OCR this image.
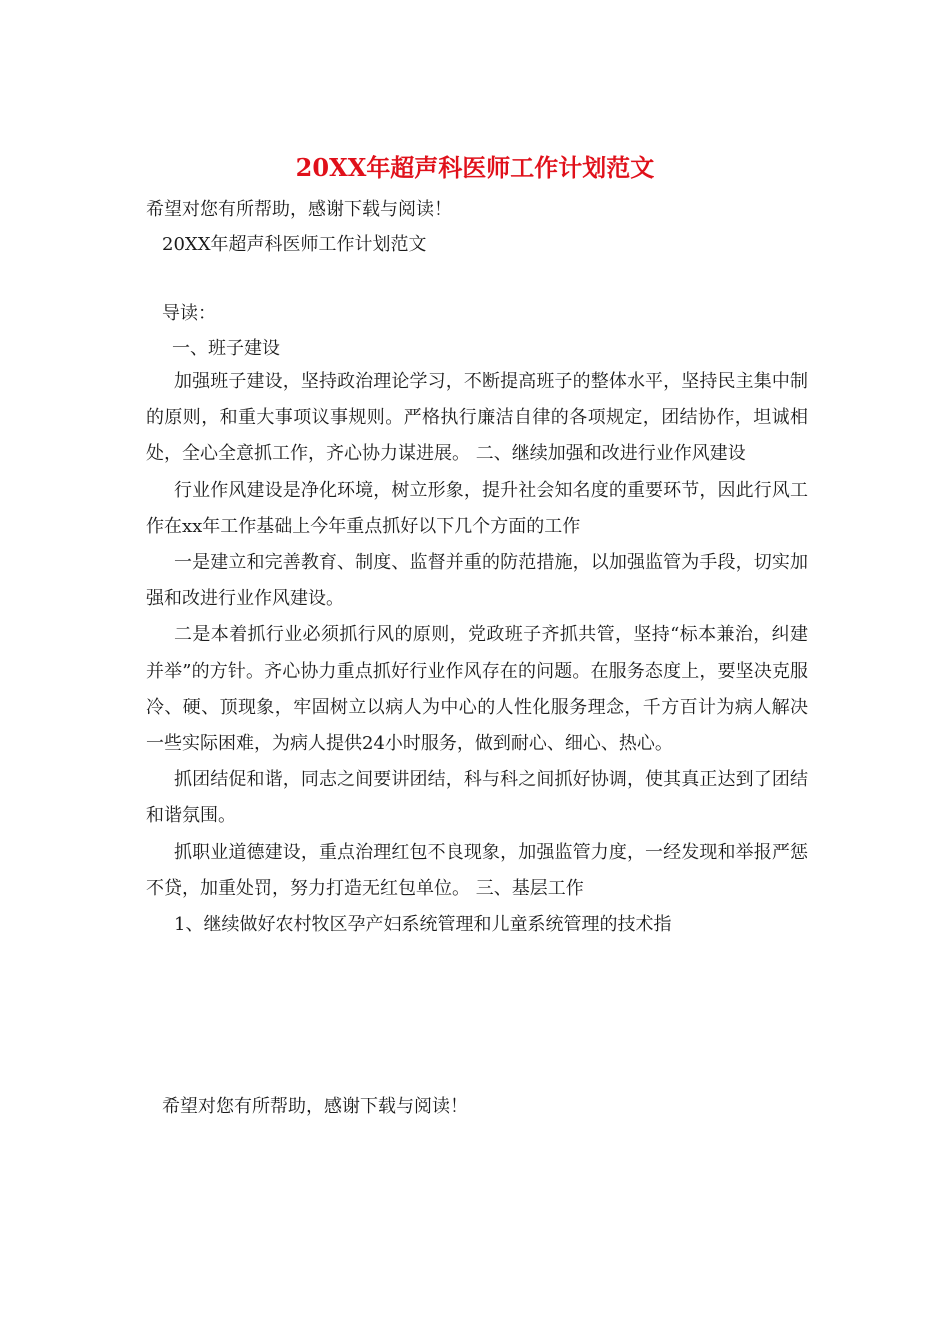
20XX年超声科医师工作计划范文
希望对您有所帮助，感谢下载与阅读！
20XX年超声科医师工作计划范文
导读：
一、班子建设

加强班子建设，坚持政治理论学习，不断提高班子的整体水平，坚持民主集中制的原则，和重大事项议事规则。严格执行廉洁自律的各项规定，团结协作，坦诚相处，全心全意抓工作，齐心协力谋进展。 二、继续加强和改进行业作风建设

行业作风建设是净化环境，树立形象，提升社会知名度的重要环节，因此行风工作在xx年工作基础上今年重点抓好以下几个方面的工作

一是建立和完善教育、制度、监督并重的防范措施，以加强监管为手段，切实加强和改进行业作风建设。

二是本着抓行业必须抓行风的原则，党政班子齐抓共管，坚持“标本兼治，纠建并举”的方针。齐心协力重点抓好行业作风存在的问题。在服务态度上，要坚决克服冷、硬、顶现象，牢固树立以病人为中心的人性化服务理念，千方百计为病人解决一些实际困难，为病人提供24小时服务，做到耐心、细心、热心。

抓团结促和谐，同志之间要讲团结，科与科之间抓好协调，使其真正达到了团结和谐氛围。

抓职业道德建设，重点治理红包不良现象，加强监管力度，一经发现和举报严惩不贷，加重处罚，努力打造无红包单位。 三、基层工作

1、继续做好农村牧区孕产妇系统管理和儿童系统管理的技术指

希望对您有所帮助，感谢下载与阅读！
